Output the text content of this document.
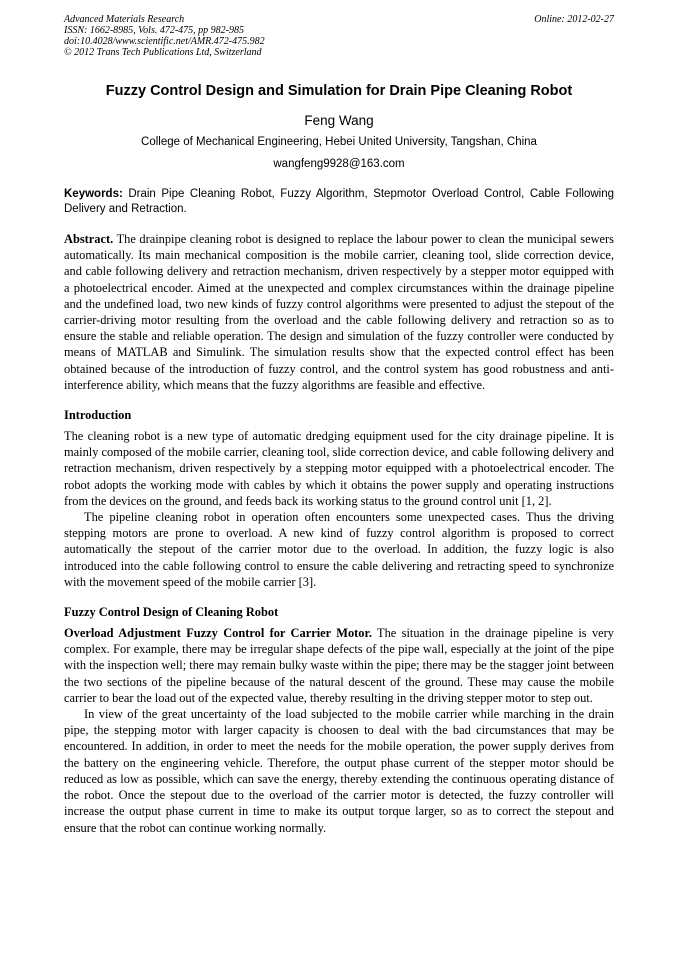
Advanced Materials Research
ISSN: 1662-8985, Vols. 472-475, pp 982-985
doi:10.4028/www.scientific.net/AMR.472-475.982
© 2012 Trans Tech Publications Ltd, Switzerland
Online: 2012-02-27
Fuzzy Control Design and Simulation for Drain Pipe Cleaning Robot
Feng Wang
College of Mechanical Engineering, Hebei United University, Tangshan, China
wangfeng9928@163.com
Keywords: Drain Pipe Cleaning Robot, Fuzzy Algorithm, Stepmotor Overload Control, Cable Following Delivery and Retraction.
Abstract. The drainpipe cleaning robot is designed to replace the labour power to clean the municipal sewers automatically. Its main mechanical composition is the mobile carrier, cleaning tool, slide correction device, and cable following delivery and retraction mechanism, driven respectively by a stepper motor equipped with a photoelectrical encoder. Aimed at the unexpected and complex circumstances within the drainage pipeline and the undefined load, two new kinds of fuzzy control algorithms were presented to adjust the stepout of the carrier-driving motor resulting from the overload and the cable following delivery and retraction so as to ensure the stable and reliable operation. The design and simulation of the fuzzy controller were conducted by means of MATLAB and Simulink. The simulation results show that the expected control effect has been obtained because of the introduction of fuzzy control, and the control system has good robustness and anti-interference ability, which means that the fuzzy algorithms are feasible and effective.
Introduction

The cleaning robot is a new type of automatic dredging equipment used for the city drainage pipeline. It is mainly composed of the mobile carrier, cleaning tool, slide correction device, and cable following delivery and retraction mechanism, driven respectively by a stepping motor equipped with a photoelectrical encoder. The robot adopts the working mode with cables by which it obtains the power supply and operating instructions from the devices on the ground, and feeds back its working status to the ground control unit [1, 2].

The pipeline cleaning robot in operation often encounters some unexpected cases. Thus the driving stepping motors are prone to overload. A new kind of fuzzy control algorithm is proposed to correct automatically the stepout of the carrier motor due to the overload. In addition, the fuzzy logic is also introduced into the cable following control to ensure the cable delivering and retracting speed to synchronize with the movement speed of the mobile carrier [3].

Fuzzy Control Design of Cleaning Robot

Overload Adjustment Fuzzy Control for Carrier Motor. The situation in the drainage pipeline is very complex. For example, there may be irregular shape defects of the pipe wall, especially at the joint of the pipe with the inspection well; there may remain bulky waste within the pipe; there may be the stagger joint between the two sections of the pipeline because of the natural descent of the ground. These may cause the mobile carrier to bear the load out of the expected value, thereby resulting in the driving stepper motor to step out.

In view of the great uncertainty of the load subjected to the mobile carrier while marching in the drain pipe, the stepping motor with larger capacity is choosen to deal with the bad circumstances that may be encountered. In addition, in order to meet the needs for the mobile operation, the power supply derives from the battery on the engineering vehicle. Therefore, the output phase current of the stepper motor should be reduced as low as possible, which can save the energy, thereby extending the continuous operating distance of the robot. Once the stepout due to the overload of the carrier motor is detected, the fuzzy controller will increase the output phase current in time to make its output torque larger, so as to correct the stepout and ensure that the robot can continue working normally.
